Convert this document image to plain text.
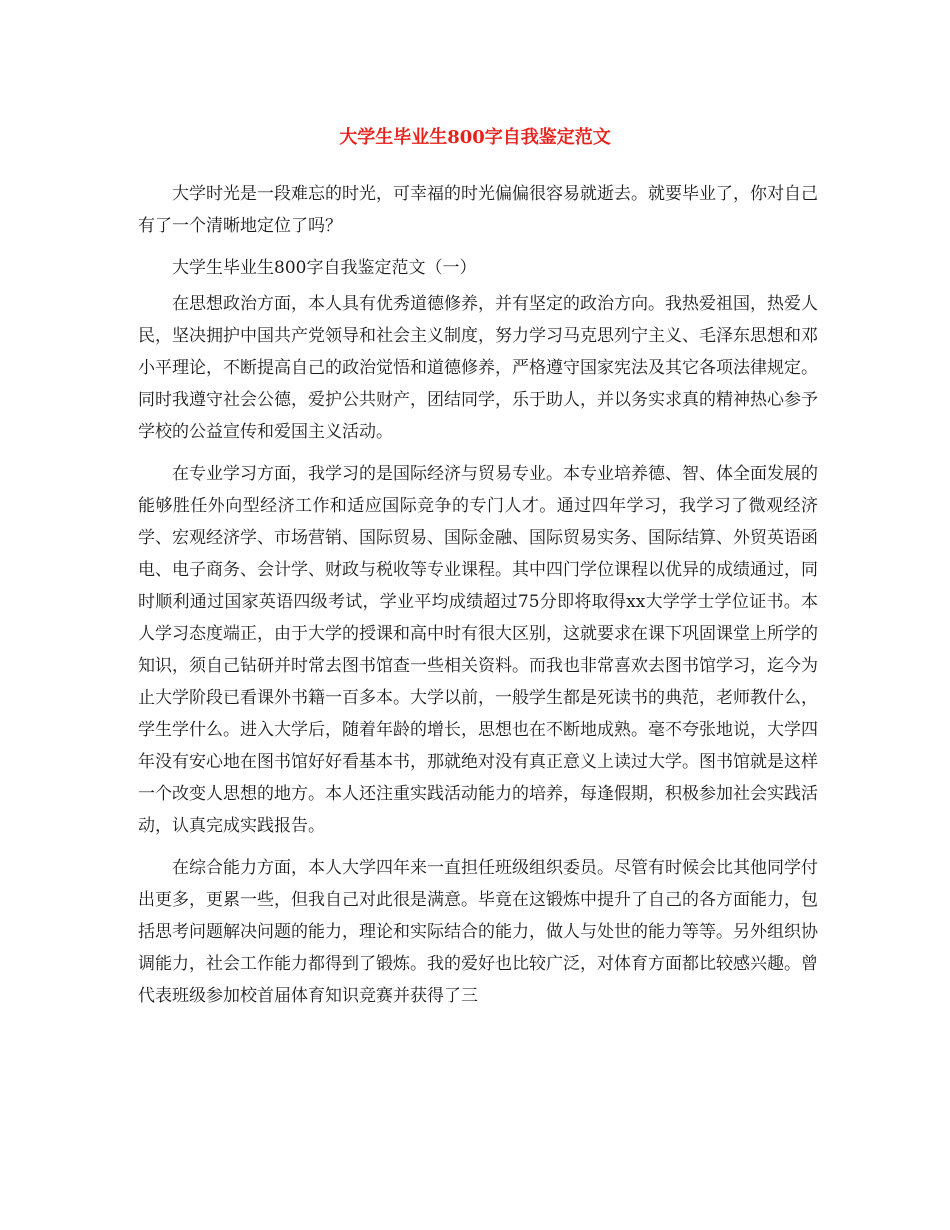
大学生毕业生800字自我鉴定范文

大学时光是一段难忘的时光，可幸福的时光偏偏很容易就逝去。就要毕业了，你对自己有了一个清晰地定位了吗？

大学生毕业生800字自我鉴定范文（一）

在思想政治方面，本人具有优秀道德修养，并有坚定的政治方向。我热爱祖国，热爱人民，坚决拥护中国共产党领导和社会主义制度，努力学习马克思列宁主义、毛泽东思想和邓小平理论，不断提高自己的政治觉悟和道德修养，严格遵守国家宪法及其它各项法律规定。同时我遵守社会公德，爱护公共财产，团结同学，乐于助人，并以务实求真的精神热心参予学校的公益宣传和爱国主义活动。

在专业学习方面，我学习的是国际经济与贸易专业。本专业培养德、智、体全面发展的能够胜任外向型经济工作和适应国际竞争的专门人才。通过四年学习，我学习了微观经济学、宏观经济学、市场营销、国际贸易、国际金融、国际贸易实务、国际结算、外贸英语函电、电子商务、会计学、财政与税收等专业课程。其中四门学位课程以优异的成绩通过，同时顺利通过国家英语四级考试，学业平均成绩超过75分即将取得xx大学学士学位证书。本人学习态度端正，由于大学的授课和高中时有很大区别，这就要求在课下巩固课堂上所学的知识，须自己钻研并时常去图书馆查一些相关资料。而我也非常喜欢去图书馆学习，迄今为止大学阶段已看课外书籍一百多本。大学以前，一般学生都是死读书的典范，老师教什么，学生学什么。进入大学后，随着年龄的增长，思想也在不断地成熟。毫不夸张地说，大学四年没有安心地在图书馆好好看基本书，那就绝对没有真正意义上读过大学。图书馆就是这样一个改变人思想的地方。本人还注重实践活动能力的培养，每逢假期，积极参加社会实践活动，认真完成实践报告。

在综合能力方面，本人大学四年来一直担任班级组织委员。尽管有时候会比其他同学付出更多，更累一些，但我自己对此很是满意。毕竟在这锻炼中提升了自己的各方面能力，包括思考问题解决问题的能力，理论和实际结合的能力，做人与处世的能力等等。另外组织协调能力，社会工作能力都得到了锻炼。我的爱好也比较广泛，对体育方面都比较感兴趣。曾代表班级参加校首届体育知识竞赛并获得了三
